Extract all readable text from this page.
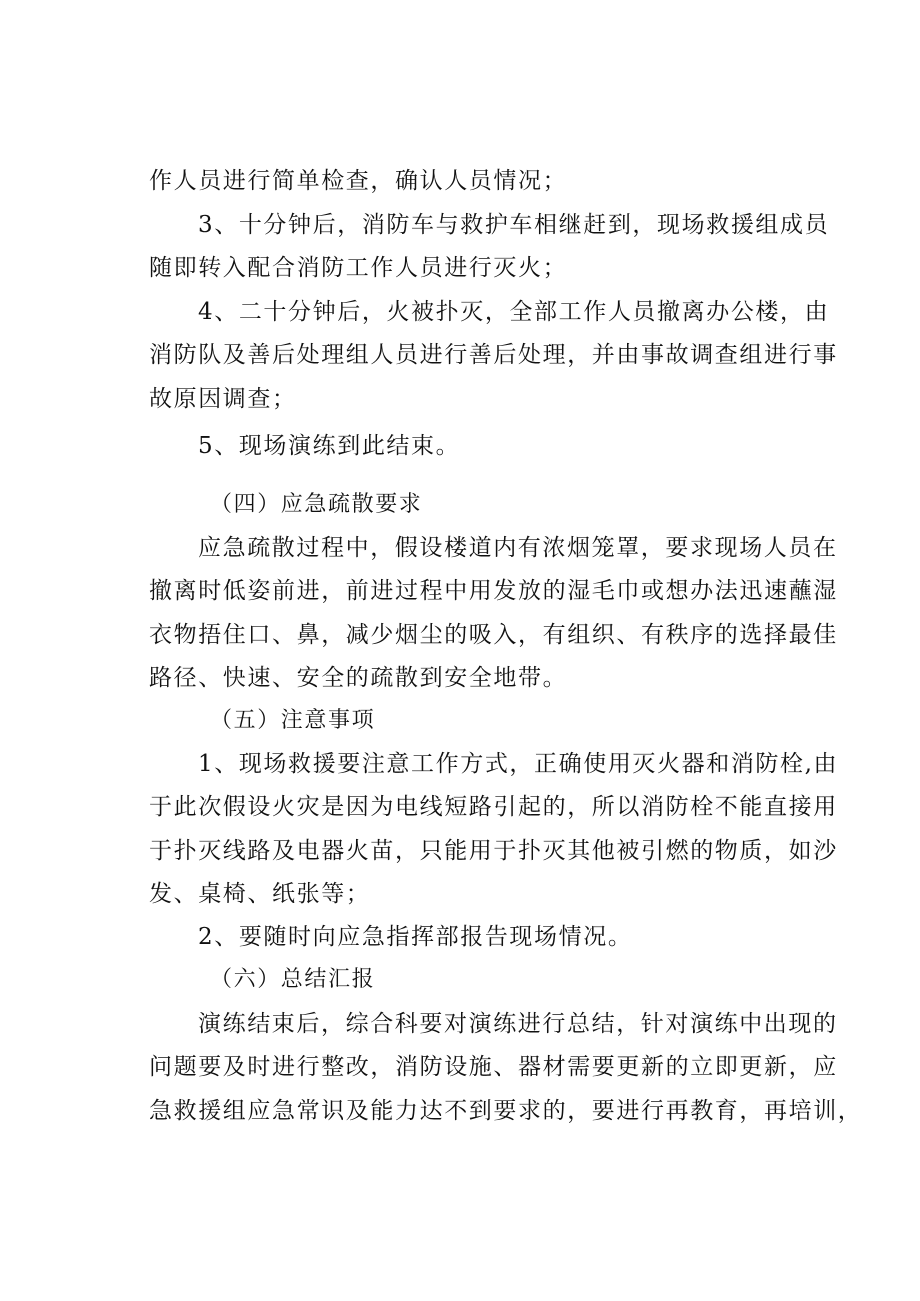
作人员进行简单检查，确认人员情况；
3、十分钟后，消防车与救护车相继赶到，现场救援组成员
随即转入配合消防工作人员进行灭火；
4、二十分钟后，火被扑灭，全部工作人员撤离办公楼，由
消防队及善后处理组人员进行善后处理，并由事故调查组进行事
故原因调查；
5、现场演练到此结束。
（四）应急疏散要求
应急疏散过程中，假设楼道内有浓烟笼罩，要求现场人员在
撤离时低姿前进，前进过程中用发放的湿毛巾或想办法迅速蘸湿
衣物捂住口、鼻，减少烟尘的吸入，有组织、有秩序的选择最佳
路径、快速、安全的疏散到安全地带。
（五）注意事项
1、现场救援要注意工作方式，正确使用灭火器和消防栓,由
于此次假设火灾是因为电线短路引起的，所以消防栓不能直接用
于扑灭线路及电器火苗，只能用于扑灭其他被引燃的物质，如沙
发、桌椅、纸张等；
2、要随时向应急指挥部报告现场情况。
（六）总结汇报
演练结束后，综合科要对演练进行总结，针对演练中出现的
问题要及时进行整改，消防设施、器材需要更新的立即更新，应
急救援组应急常识及能力达不到要求的，要进行再教育，再培训，
